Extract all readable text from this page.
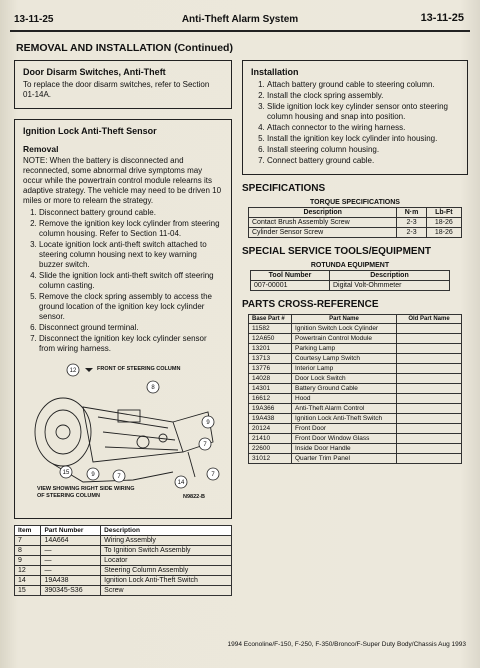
13-11-25	Anti-Theft Alarm System	13-11-25
REMOVAL AND INSTALLATION (Continued)
Door Disarm Switches, Anti-Theft

To replace the door disarm switches, refer to Section 01-14A.

Ignition Lock Anti-Theft Sensor
Removal

NOTE: When the battery is disconnected and reconnected, some abnormal drive symptoms may occur while the powertrain control module relearns its adaptive strategy. The vehicle may need to be driven 10 miles or more to relearn the strategy.

1. Disconnect battery ground cable.
2. Remove the ignition key lock cylinder from steering column housing. Refer to Section 11-04.
3. Locate ignition lock anti-theft switch attached to steering column housing next to key warning buzzer switch.
4. Slide the ignition lock anti-theft switch off steering column casting.
5. Remove the clock spring assembly to access the ground location of the ignition key lock cylinder sensor.
6. Disconnect ground terminal.
7. Disconnect the ignition key lock cylinder sensor from wiring harness.
12
8
9
7
15	9	7
14
7
FRONT OF STEERING COLUMN
VIEW SHOWING RIGHT SIDE WIRING OF STEERING COLUMN	N9822-B
Item	Part Number	Description
7	14A664	Wiring Assembly
8	—	To Ignition Switch Assembly
9	—	Locator
12	—	Steering Column Assembly
14	19A438	Ignition Lock Anti-Theft Switch
15	390345-S36	Screw
Installation
1. Attach battery ground cable to steering column.
2. Install the clock spring assembly.
3. Slide ignition lock key cylinder sensor onto steering column housing and snap into position.
4. Attach connector to the wiring harness.
5. Install the ignition key lock cylinder into housing.
6. Install steering column housing.
7. Connect battery ground cable.
SPECIFICATIONS
TORQUE SPECIFICATIONS		
Description	N·m	Lb-Ft
Contact Brush Assembly Screw	2-3	18-26
Cylinder Sensor Screw	2-3	18-26
SPECIAL SERVICE TOOLS/EQUIPMENT
ROTUNDA EQUIPMENT	
Tool Number	Description
007-00001	Digital Volt-Ohmmeter
PARTS CROSS-REFERENCE
Base Part #	Part Name	Old Part Name
11582	Ignition Switch Lock Cylinder	
12A650	Powertrain Control Module	
13201	Parking Lamp	
13713	Courtesy Lamp Switch	
13776	Interior Lamp	
14028	Door Lock Switch	
14301	Battery Ground Cable	
16612	Hood	
19A366	Anti-Theft Alarm Control	
19A438	Ignition Lock Anti-Theft Switch	
20124	Front Door	
21410	Front Door Window Glass	
22600	Inside Door Handle	
31012	Quarter Trim Panel	
1994 Econoline/F-150, F-250, F-350/Bronco/F-Super Duty Body/Chassis Aug 1993
